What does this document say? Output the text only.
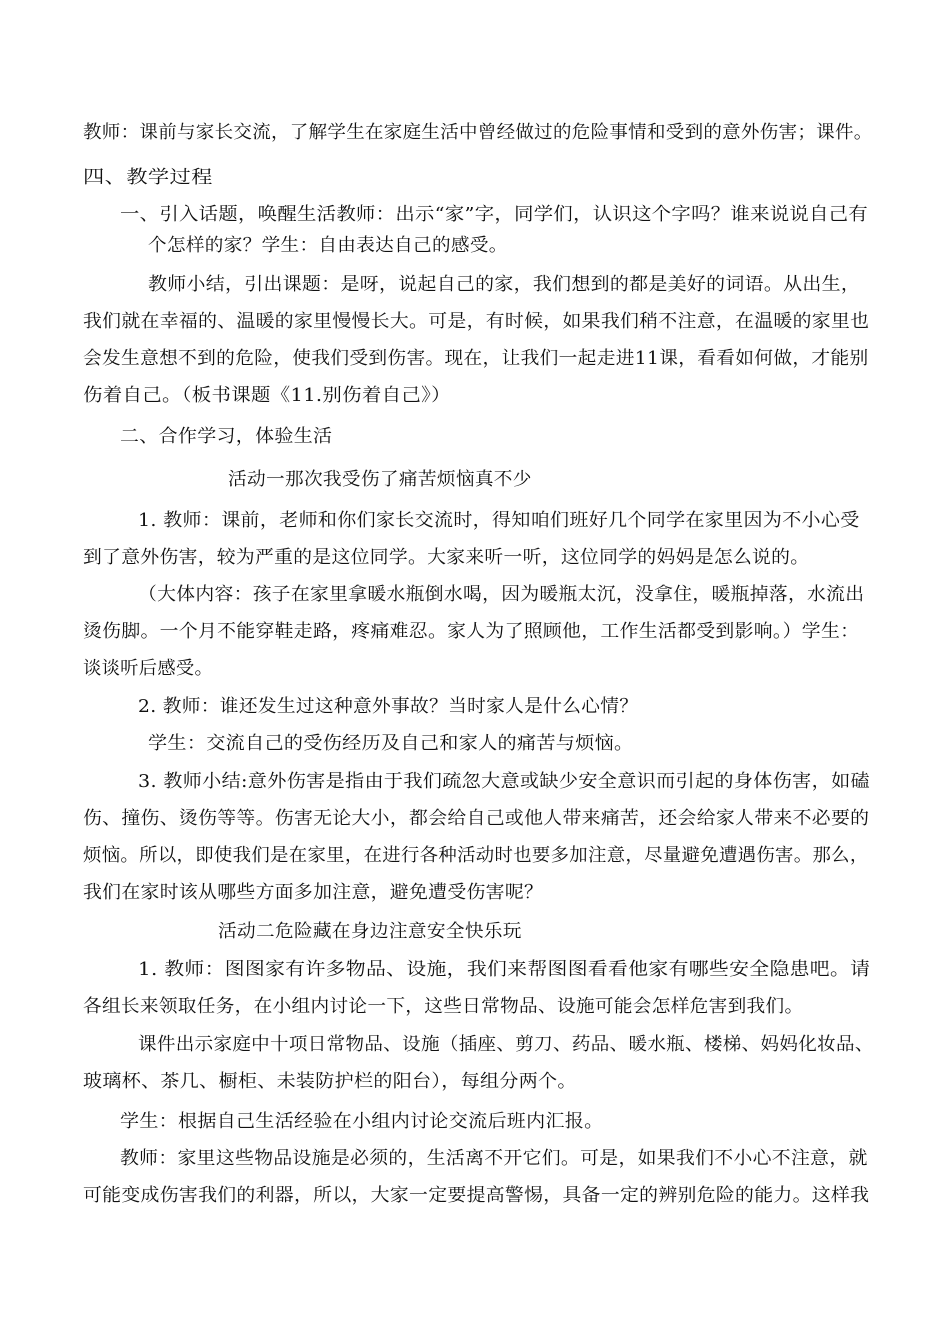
教师：课前与家长交流，了解学生在家庭生活中曾经做过的危险事情和受到的意外伤害；课件。
四、教学过程
一、引入话题，唤醒生活教师：出示“家”字，同学们，认识这个字吗？谁来说说自己有
个怎样的家？学生：自由表达自己的感受。
教师小结，引出课题：是呀，说起自己的家，我们想到的都是美好的词语。从出生，
我们就在幸福的、温暖的家里慢慢长大。可是，有时候，如果我们稍不注意，在温暖的家里也
会发生意想不到的危险，使我们受到伤害。现在，让我们一起走进11课，看看如何做，才能别
伤着自己。（板书课题《11.别伤着自己》）
二、合作学习，体验生活
活动一那次我受伤了痛苦烦恼真不少
1. 教师：课前，老师和你们家长交流时，得知咱们班好几个同学在家里因为不小心受
到了意外伤害，较为严重的是这位同学。大家来听一听，这位同学的妈妈是怎么说的。
（大体内容：孩子在家里拿暖水瓶倒水喝，因为暖瓶太沉，没拿住，暖瓶掉落，水流出
烫伤脚。一个月不能穿鞋走路，疼痛难忍。家人为了照顾他，工作生活都受到影响。）学生：
谈谈听后感受。
2. 教师：谁还发生过这种意外事故？当时家人是什么心情？
学生：交流自己的受伤经历及自己和家人的痛苦与烦恼。
3. 教师小结:意外伤害是指由于我们疏忽大意或缺少安全意识而引起的身体伤害，如磕
伤、撞伤、烫伤等等。伤害无论大小，都会给自己或他人带来痛苦，还会给家人带来不必要的
烦恼。所以，即使我们是在家里，在进行各种活动时也要多加注意，尽量避免遭遇伤害。那么，
我们在家时该从哪些方面多加注意，避免遭受伤害呢？
活动二危险藏在身边注意安全快乐玩
1. 教师：图图家有许多物品、设施，我们来帮图图看看他家有哪些安全隐患吧。请
各组长来领取任务，在小组内讨论一下，这些日常物品、设施可能会怎样危害到我们。
课件出示家庭中十项日常物品、设施（插座、剪刀、药品、暖水瓶、楼梯、妈妈化妆品、
玻璃杯、茶几、橱柜、未装防护栏的阳台），每组分两个。
学生：根据自己生活经验在小组内讨论交流后班内汇报。
教师：家里这些物品设施是必须的，生活离不开它们。可是，如果我们不小心不注意，就
可能变成伤害我们的利器，所以，大家一定要提高警惕，具备一定的辨别危险的能力。这样我
